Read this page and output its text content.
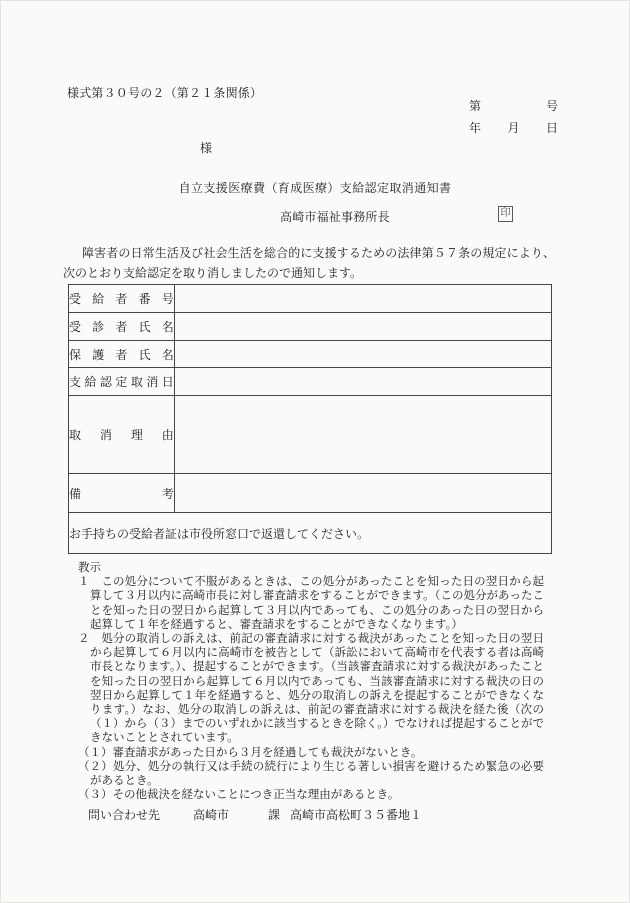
様式第３０号の２（第２１条関係）
第	号
年 月 日
様
自立支援医療費（育成医療）支給認定取消通知書
高崎市福祉事務所長	印
障害者の日常生活及び社会生活を総合的に支援するための法律第５７条の規定により、次のとおり支給認定を取り消しましたので通知します。
受給者番号	
受診者氏名	
保護者氏名	
支給認定取消日	
取消理由	
備考	
お手持ちの受給者証は市役所窓口で返還してください。	

教示

１　この処分について不服があるときは、この処分があったことを知った日の翌日から起算して３月以内に高崎市長に対し審査請求をすることができます。（この処分があったことを知った日の翌日から起算して３月以内であっても、この処分のあった日の翌日から起算して１年を経過すると、審査請求をすることができなくなります。）

２　処分の取消しの訴えは、前記の審査請求に対する裁決があったことを知った日の翌日から起算して６月以内に高崎市を被告として（訴訟において高崎市を代表する者は高崎市長となります。）、提起することができます。（当該審査請求に対する裁決があったことを知った日の翌日から起算して６月以内であっても、当該審査請求に対する裁決の日の翌日から起算して１年を経過すると、処分の取消しの訴えを提起することができなくなります。）なお、処分の取消しの訴えは、前記の審査請求に対する裁決を経た後（次の（１）から（３）までのいずれかに該当するときを除く。）でなければ提起することができないこととされています。

（１）審査請求があった日から３月を経過しても裁決がないとき。

（２）処分、処分の執行又は手続の続行により生じる著しい損害を避けるため緊急の必要があるとき。

（３）その他裁決を経ないことにつき正当な理由があるとき。

問い合わせ先	高崎市	課 高崎市高松町３５番地１
